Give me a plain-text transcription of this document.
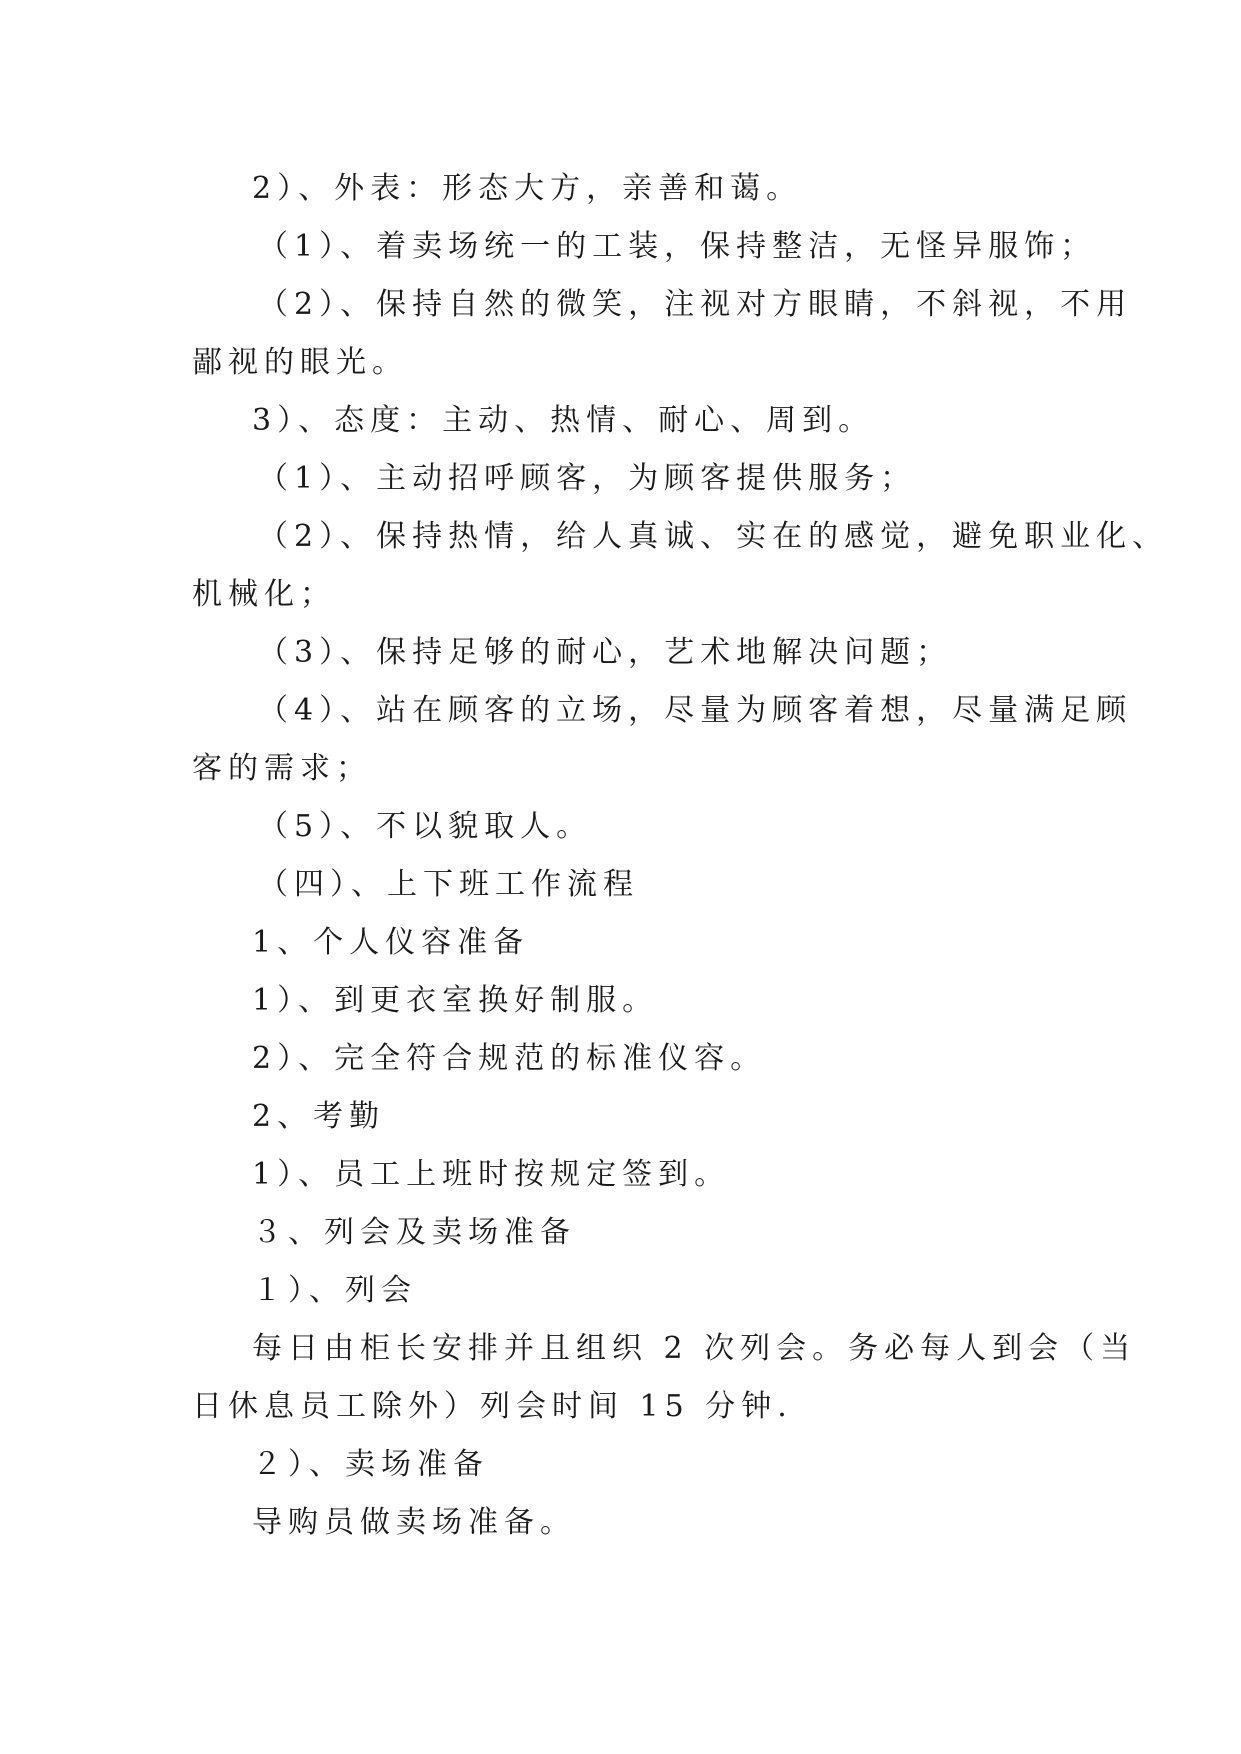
2）、外表：形态大方，亲善和蔼。
（1）、着卖场统一的工装，保持整洁，无怪异服饰；
（2）、保持自然的微笑，注视对方眼睛，不斜视，不用
鄙视的眼光。
3）、态度：主动、热情、耐心、周到。
（1）、主动招呼顾客，为顾客提供服务；
（2）、保持热情，给人真诚、实在的感觉，避免职业化、
机械化；
（3）、保持足够的耐心，艺术地解决问题；
（4）、站在顾客的立场，尽量为顾客着想，尽量满足顾
客的需求；
（5）、不以貌取人。
（四）、上下班工作流程
1、个人仪容准备
1）、到更衣室换好制服。
2）、完全符合规范的标准仪容。
2、考勤
1）、员工上班时按规定签到。
３、列会及卖场准备
１）、列会
每日由柜长安排并且组织 2 次列会。务必每人到会（当
日休息员工除外）列会时间 15 分钟.
２）、卖场准备
导购员做卖场准备。
